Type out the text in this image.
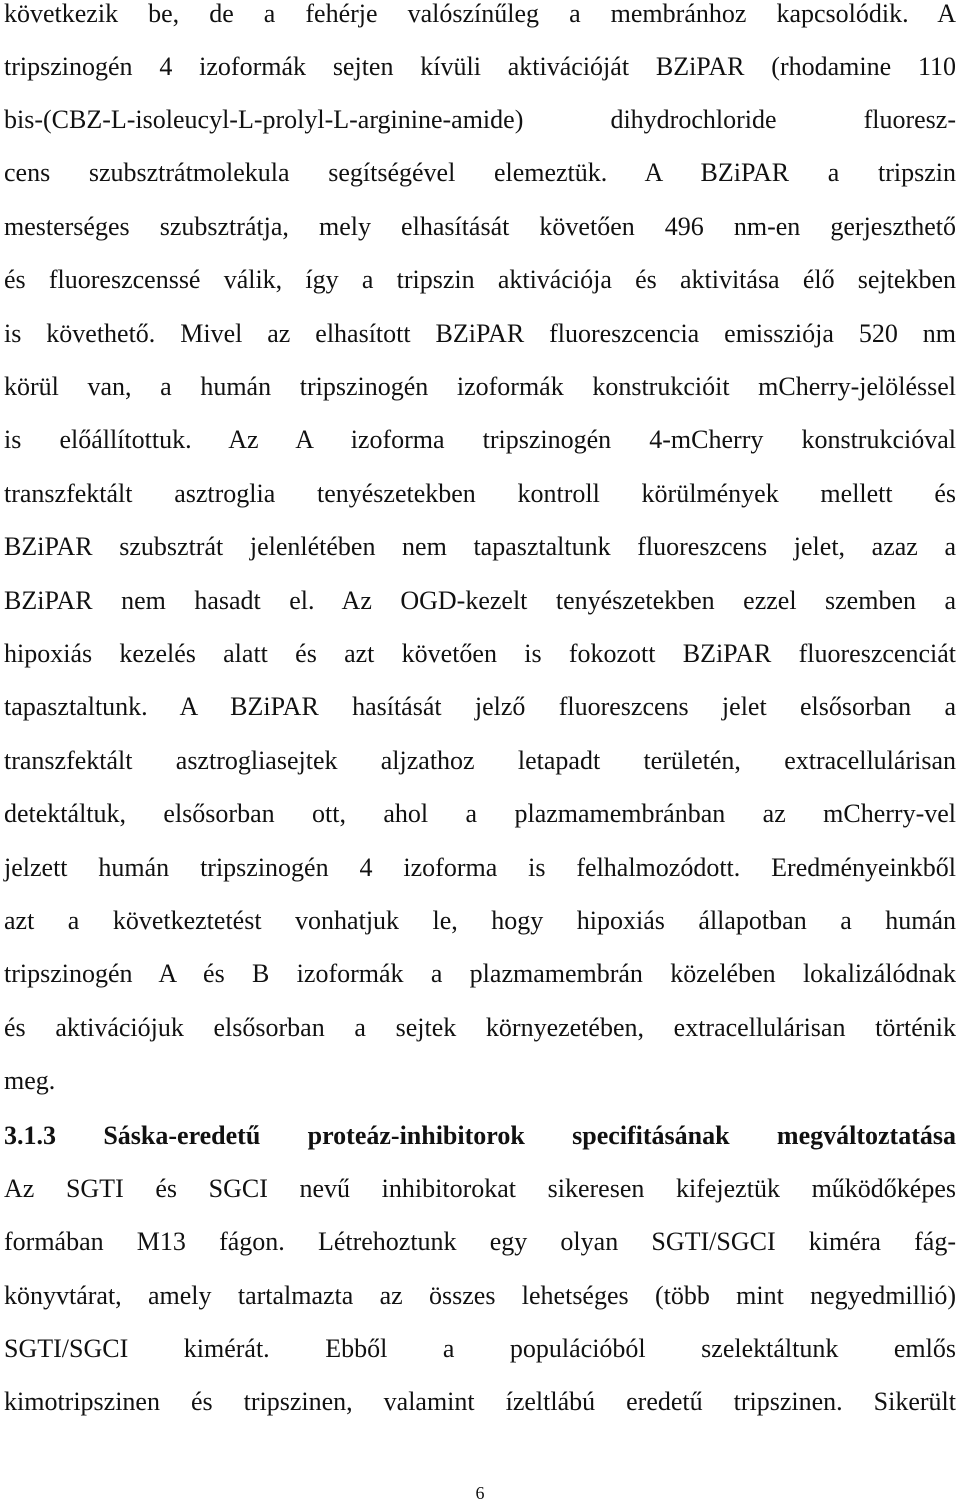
következik be, de a fehérje valószínűleg a membránhoz kapcsolódik. A
tripszinogén 4 izoformák sejten kívüli aktivációját BZiPAR (rhodamine 110
bis-(CBZ-L-isoleucyl-L-prolyl-L-arginine-amide) dihydrochloride fluoresz-
cens szubsztrátmolekula segítségével elemeztük. A BZiPAR a tripszin
mesterséges szubsztrátja, mely elhasítását követően 496 nm-en gerjeszthető
és fluoreszcenssé válik, így a tripszin aktivációja és aktivitása élő sejtekben
is követhető. Mivel az elhasított BZiPAR fluoreszcencia emissziója 520 nm
körül van, a humán tripszinogén izoformák konstrukcióit mCherry-jelöléssel
is előállítottuk. Az A izoforma tripszinogén 4-mCherry konstrukcióval
transzfektált asztroglia tenyészetekben kontroll körülmények mellett és
BZiPAR szubsztrát jelenlétében nem tapasztaltunk fluoreszcens jelet, azaz a
BZiPAR nem hasadt el. Az OGD-kezelt tenyészetekben ezzel szemben a
hipoxiás kezelés alatt és azt követően is fokozott BZiPAR fluoreszcenciát
tapasztaltunk. A BZiPAR hasítását jelző fluoreszcens jelet elsősorban a
transzfektált asztrogliasejtek aljzathoz letapadt területén, extracellulárisan
detektáltuk, elsősorban ott, ahol a plazmamembránban az mCherry-vel
jelzett humán tripszinogén 4 izoforma is felhalmozódott. Eredményeinkből
azt a következtetést vonhatjuk le, hogy hipoxiás állapotban a humán
tripszinogén A és B izoformák a plazmamembrán közelében lokalizálódnak
és aktivációjuk elsősorban a sejtek környezetében, extracellulárisan történik
meg.
3.1.3 Sáska-eredetű proteáz-inhibitorok specifitásának megváltoztatása
Az SGTI és SGCI nevű inhibitorokat sikeresen kifejeztük működőképes
formában M13 fágon. Létrehoztunk egy olyan SGTI/SGCI kiméra fág-
könyvtárat, amely tartalmazta az összes lehetséges (több mint negyedmillió)
SGTI/SGCI kimérát. Ebből a populációból szelektáltunk emlős
kimotripszinen és tripszinen, valamint ízeltlábú eredetű tripszinen. Sikerült
6
